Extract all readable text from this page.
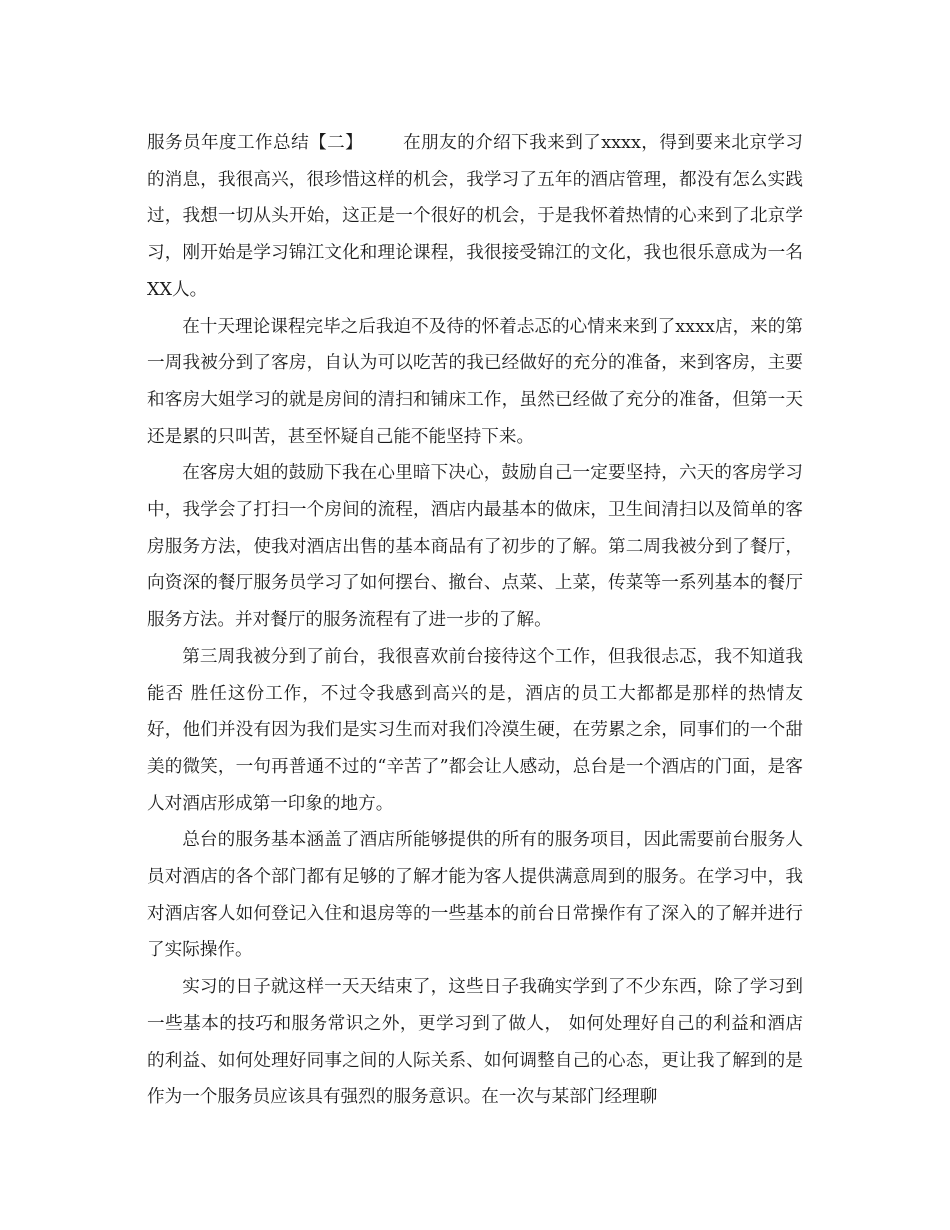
服务员年度工作总结【二】 在朋友的介绍下我来到了xxxx，得到要来北京学习的消息，我很高兴，很珍惜这样的机会，我学习了五年的酒店管理，都没有怎么实践过，我想一切从头开始，这正是一个很好的机会，于是我怀着热情的心来到了北京学习，刚开始是学习锦江文化和理论课程，我很接受锦江的文化，我也很乐意成为一名XX人。

在十天理论课程完毕之后我迫不及待的怀着忐忑的心情来来到了xxxx店，来的第一周我被分到了客房，自认为可以吃苦的我已经做好的充分的准备，来到客房，主要和客房大姐学习的就是房间的清扫和铺床工作，虽然已经做了充分的准备，但第一天还是累的只叫苦，甚至怀疑自己能不能坚持下来。

在客房大姐的鼓励下我在心里暗下决心，鼓励自己一定要坚持，六天的客房学习中，我学会了打扫一个房间的流程，酒店内最基本的做床，卫生间清扫以及简单的客房服务方法，使我对酒店出售的基本商品有了初步的了解。第二周我被分到了餐厅，向资深的餐厅服务员学习了如何摆台、撤台、点菜、上菜，传菜等一系列基本的餐厅服务方法。并对餐厅的服务流程有了进一步的了解。

第三周我被分到了前台，我很喜欢前台接待这个工作，但我很忐忑，我不知道我能否 胜任这份工作，不过令我感到高兴的是，酒店的员工大都都是那样的热情友好，他们并没有因为我们是实习生而对我们冷漠生硬，在劳累之余，同事们的一个甜美的微笑，一句再普通不过的“辛苦了”都会让人感动，总台是一个酒店的门面，是客人对酒店形成第一印象的地方。

总台的服务基本涵盖了酒店所能够提供的所有的服务项目，因此需要前台服务人员对酒店的各个部门都有足够的了解才能为客人提供满意周到的服务。在学习中，我对酒店客人如何登记入住和退房等的一些基本的前台日常操作有了深入的了解并进行了实际操作。

实习的日子就这样一天天结束了，这些日子我确实学到了不少东西，除了学习到一些基本的技巧和服务常识之外，更学习到了做人， 如何处理好自己的利益和酒店的利益、如何处理好同事之间的人际关系、如何调整自己的心态，更让我了解到的是作为一个服务员应该具有强烈的服务意识。在一次与某部门经理聊
